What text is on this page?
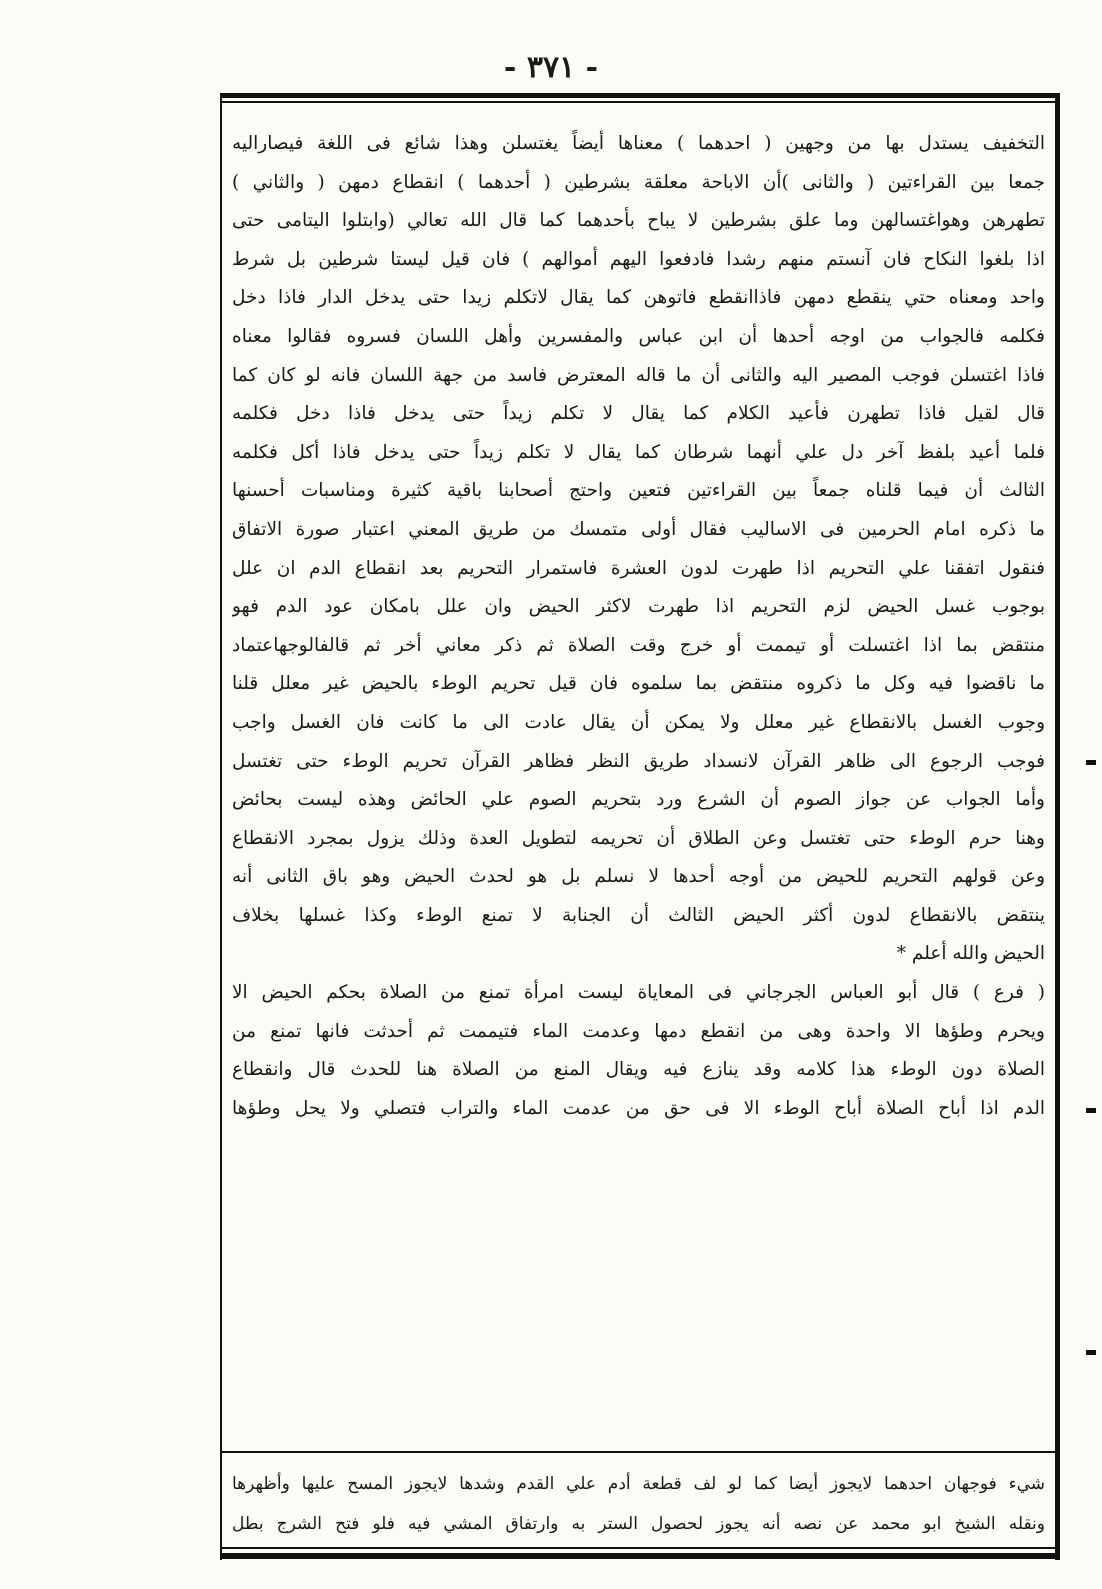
- ٣٧١ -
التخفيف يستدل بها من وجهين ( احدهما ) معناها أيضاً يغتسلن وهذا شائع فى اللغة فيصاراليه
جمعا بين القراءتين ( والثانى )أن الاباحة معلقة بشرطين ( أحدهما ) انقطاع دمهن ( والثاني )
تطهرهن وهواغتسالهن وما علق بشرطين لا يباح بأحدهما كما قال الله تعالي (وابتلوا اليتامى حتى
اذا بلغوا النكاح فان آنستم منهم رشدا فادفعوا اليهم أموالهم ) فان قيل ليستا شرطين بل شرط
واحد ومعناه حتي ينقطع دمهن فاذاانقطع فاتوهن كما يقال لاتكلم زيدا حتى يدخل الدار فاذا دخل
فكلمه فالجواب من اوجه أحدها أن ابن عباس والمفسرين وأهل اللسان فسروه فقالوا معناه
فاذا اغتسلن فوجب المصير اليه والثانى أن ما قاله المعترض فاسد من جهة اللسان فانه لو كان كما
قال لقيل فاذا تطهرن فأعيد الكلام كما يقال لا تكلم زيداً حتى يدخل فاذا دخل فكلمه
فلما أعيد بلفظ آخر دل علي أنهما شرطان كما يقال لا تكلم زيداً حتى يدخل فاذا أكل فكلمه
الثالث أن فيما قلناه جمعاً بين القراءتين فتعين واحتج أصحابنا باقية كثيرة ومناسبات أحسنها
ما ذكره امام الحرمين فى الاساليب فقال أولى متمسك من طريق المعني اعتبار صورة الاتفاق
فنقول اتفقنا علي التحريم اذا طهرت لدون العشرة فاستمرار التحريم بعد انقطاع الدم ان علل
بوجوب غسل الحيض لزم التحريم اذا طهرت لاكثر الحيض وان علل بامكان عود الدم فهو
منتقض بما اذا اغتسلت أو تيممت أو خرج وقت الصلاة ثم ذكر معاني أخر ثم قالفالوجهاعتماد
ما ناقضوا فيه وكل ما ذكروه منتقض بما سلموه فان قيل تحريم الوطء بالحيض غير معلل قلنا
وجوب الغسل بالانقطاع غير معلل ولا يمكن أن يقال عادت الى ما كانت فان الغسل واجب
فوجب الرجوع الى ظاهر القرآن لانسداد طريق النظر فظاهر القرآن تحريم الوطء حتى تغتسل
وأما الجواب عن جواز الصوم أن الشرع ورد بتحريم الصوم علي الحائض وهذه ليست بحائض
وهنا حرم الوطء حتى تغتسل وعن الطلاق أن تحريمه لتطويل العدة وذلك يزول بمجرد الانقطاع
وعن قولهم التحريم للحيض من أوجه أحدها لا نسلم بل هو لحدث الحيض وهو باق الثانى أنه
ينتقض بالانقطاع لدون أكثر الحيض الثالث أن الجنابة لا تمنع الوطء وكذا غسلها بخلاف
الحيض والله أعلم *
( فرع ) قال أبو العباس الجرجاني فى المعاياة ليست امرأة تمنع من الصلاة بحكم الحيض الا
ويحرم وطؤها الا واحدة وهى من انقطع دمها وعدمت الماء فتيممت ثم أحدثت فانها تمنع من
الصلاة دون الوطء هذا كلامه وقد ينازع فيه ويقال المنع من الصلاة هنا للحدث قال وانقطاع
الدم اذا أباح الصلاة أباح الوطء الا فى حق من عدمت الماء والتراب فتصلي ولا يحل وطؤها
شيء فوجهان احدهما لايجوز أيضا كما لو لف قطعة أدم علي القدم وشدها لايجوز المسح عليها وأظهرها
ونقله الشيخ ابو محمد عن نصه أنه يجوز لحصول الستر به وارتفاق المشي فيه فلو فتح الشرج بطل
